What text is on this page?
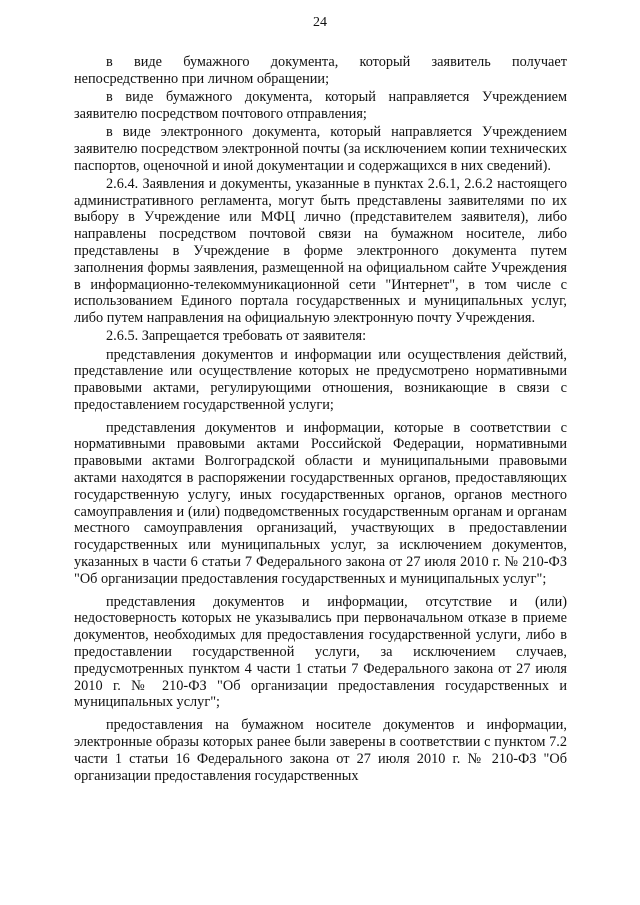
24

в виде бумажного документа, который заявитель получает непосредственно при личном обращении;

в виде бумажного документа, который направляется Учреждением заявителю посредством почтового отправления;

в виде электронного документа, который направляется Учреждением заявителю посредством электронной почты (за исключением копии технических паспортов, оценочной и иной документации и содержащихся в них сведений).

2.6.4. Заявления и документы, указанные в пунктах 2.6.1, 2.6.2 настоящего административного регламента, могут быть представлены заявителями по их выбору в Учреждение или МФЦ лично (представителем заявителя), либо направлены посредством почтовой связи на бумажном носителе, либо представлены в Учреждение в форме электронного документа путем заполнения формы заявления, размещенной на официальном сайте Учреждения в информационно-телекоммуникационной сети "Интернет", в том числе с использованием Единого портала государственных и муниципальных услуг, либо путем направления на официальную электронную почту Учреждения.

2.6.5. Запрещается требовать от заявителя:

представления документов и информации или осуществления действий, представление или осуществление которых не предусмотрено нормативными правовыми актами, регулирующими отношения, возникающие в связи с предоставлением государственной услуги;

представления документов и информации, которые в соответствии с нормативными правовыми актами Российской Федерации, нормативными правовыми актами Волгоградской области и муниципальными правовыми актами находятся в распоряжении государственных органов, предоставляющих государственную услугу, иных государственных органов, органов местного самоуправления и (или) подведомственных государственным органам и органам местного самоуправления организаций, участвующих в предоставлении государственных или муниципальных услуг, за исключением документов, указанных в части 6 статьи 7 Федерального закона от 27 июля 2010 г. № 210-ФЗ "Об организации предоставления государственных и муниципальных услуг";

представления документов и информации, отсутствие и (или) недостоверность которых не указывались при первоначальном отказе в приеме документов, необходимых для предоставления государственной услуги, либо в предоставлении государственной услуги, за исключением случаев, предусмотренных пунктом 4 части 1 статьи 7 Федерального закона от 27 июля 2010 г. № 210-ФЗ "Об организации предоставления государственных и муниципальных услуг";

предоставления на бумажном носителе документов и информации, электронные образы которых ранее были заверены в соответствии с пунктом 7.2 части 1 статьи 16 Федерального закона от 27 июля 2010 г. № 210-ФЗ "Об организации предоставления государственных
